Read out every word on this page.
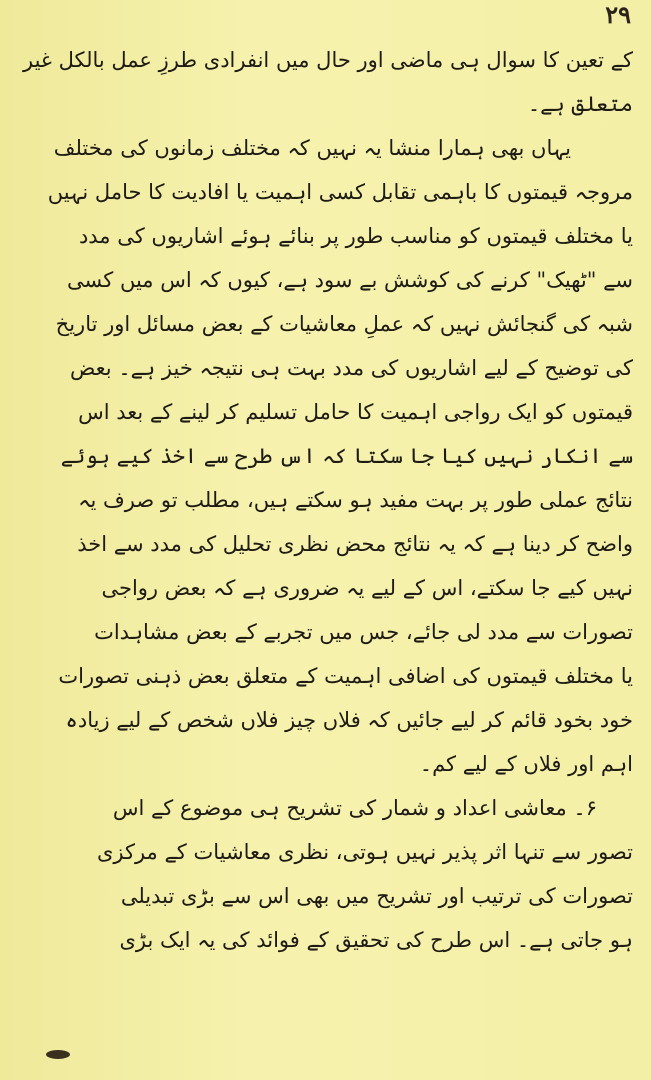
۲۹
کے تعین کا سوال ہی ماضی اور حال میں انفرادی طرزِ عمل بالکل غیر
متعلق ہے۔
یہاں بھی ہمارا منشا یہ نہیں کہ مختلف زمانوں کی مختلف
مروجہ قیمتوں کا باہمی تقابل کسی اہمیت یا افادیت کا حامل نہیں
یا مختلف قیمتوں کو مناسب طور پر بنائے ہوئے اشاریوں کی مدد
سے "ٹھیک" کرنے کی کوشش بے سود ہے، کیوں کہ اس میں کسی
شبہ کی گنجائش نہیں کہ عملِ معاشیات کے بعض مسائل اور تاریخ
کی توضیح کے لیے اشاریوں کی مدد بہت ہی نتیجہ خیز ہے۔ بعض
قیمتوں کو ایک رواجی اہمیت کا حامل تسلیم کر لینے کے بعد اس
سے انکار نہیں کیا جا سکتا کہ اس طرح سے اخذ کیے ہوئے
نتائج عملی طور پر بہت مفید ہو سکتے ہیں، مطلب تو صرف یہ
واضح کر دینا ہے کہ یہ نتائج محض نظری تحلیل کی مدد سے اخذ
نہیں کیے جا سکتے، اس کے لیے یہ ضروری ہے کہ بعض رواجی
تصورات سے مدد لی جائے، جس میں تجربے کے بعض مشاہدات
یا مختلف قیمتوں کی اضافی اہمیت کے متعلق بعض ذہنی تصورات
خود بخود قائم کر لیے جائیں کہ فلاں چیز فلاں شخص کے لیے زیادہ
اہم اور فلاں کے لیے کم۔
۶۔ معاشی اعداد و شمار کی تشریح ہی موضوع کے اس
تصور سے تنہا اثر پذیر نہیں ہوتی، نظری معاشیات کے مرکزی
تصورات کی ترتیب اور تشریح میں بھی اس سے بڑی تبدیلی
ہو جاتی ہے۔ اس طرح کی تحقیق کے فوائد کی یہ ایک بڑی
